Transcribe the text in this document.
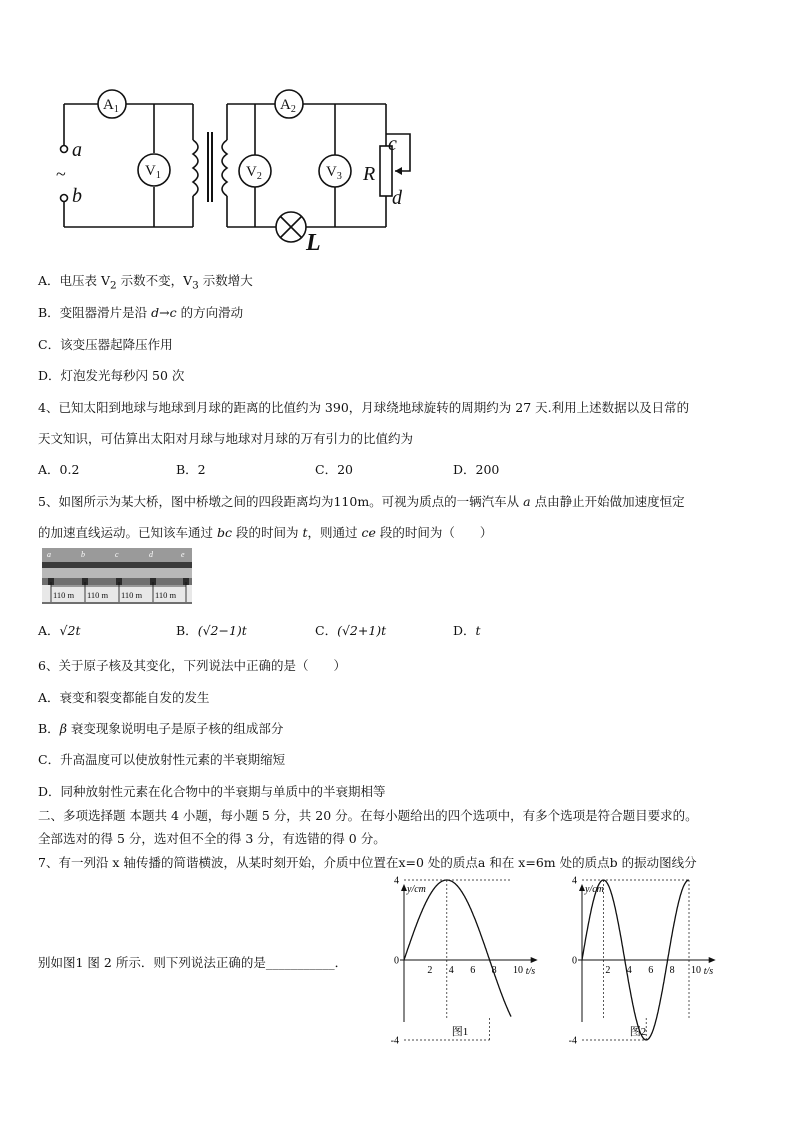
$A_1$	$A_2$
$V_1$	$V_2$	$V_3$
a
~
b
c
R
d
L
A．电压表 $V_2$ 示数不变，$V_3$ 示数增大
B．变阻器滑片是沿 d→c 的方向滑动
C．该变压器起降压作用
D．灯泡发光每秒闪 50 次
4、已知太阳到地球与地球到月球的距离的比值约为 390，月球绕地球旋转的周期约为 27 天.利用上述数据以及日常的
天文知识，可估算出太阳对月球与地球对月球的万有引力的比值约为
A．0.2	B．2	C．20	D．200
5、如图所示为某大桥，图中桥墩之间的四段距离均为110m。可视为质点的一辆汽车从 a 点由静止开始做加速度恒定
的加速直线运动。已知该车通过 bc 段的时间为 t，则通过 ce 段的时间为（　　）
a	b	c	d	e
110 m 110 m 110 m 110 m
A．√2t	B．(√2−1)t	C．(√2+1)t	D．t
6、关于原子核及其变化，下列说法中正确的是（　　）
A．衰变和裂变都能自发的发生
B．β 衰变现象说明电子是原子核的组成部分
C．升高温度可以使放射性元素的半衰期缩短
D．同种放射性元素在化合物中的半衰期与单质中的半衰期相等
二、多项选择题 本题共 4 小题，每小题 5 分，共 20 分。在每小题给出的四个选项中，有多个选项是符合题目要求的。
全部选对的得 5 分，选对但不全的得 3 分，有选错的得 0 分。
7、有一列沿 x 轴传播的简谐横波，从某时刻开始，介质中位置在x=0 处的质点a 和在 x=6m 处的质点b 的振动图线分
别如图1 图 2 所示．则下列说法正确的是___________．
y/cm
t/s
4
0
-4
2 4 6 8 10
图1
y/cm
t/s
4
0
-4
2 4 6 8 10
图2
